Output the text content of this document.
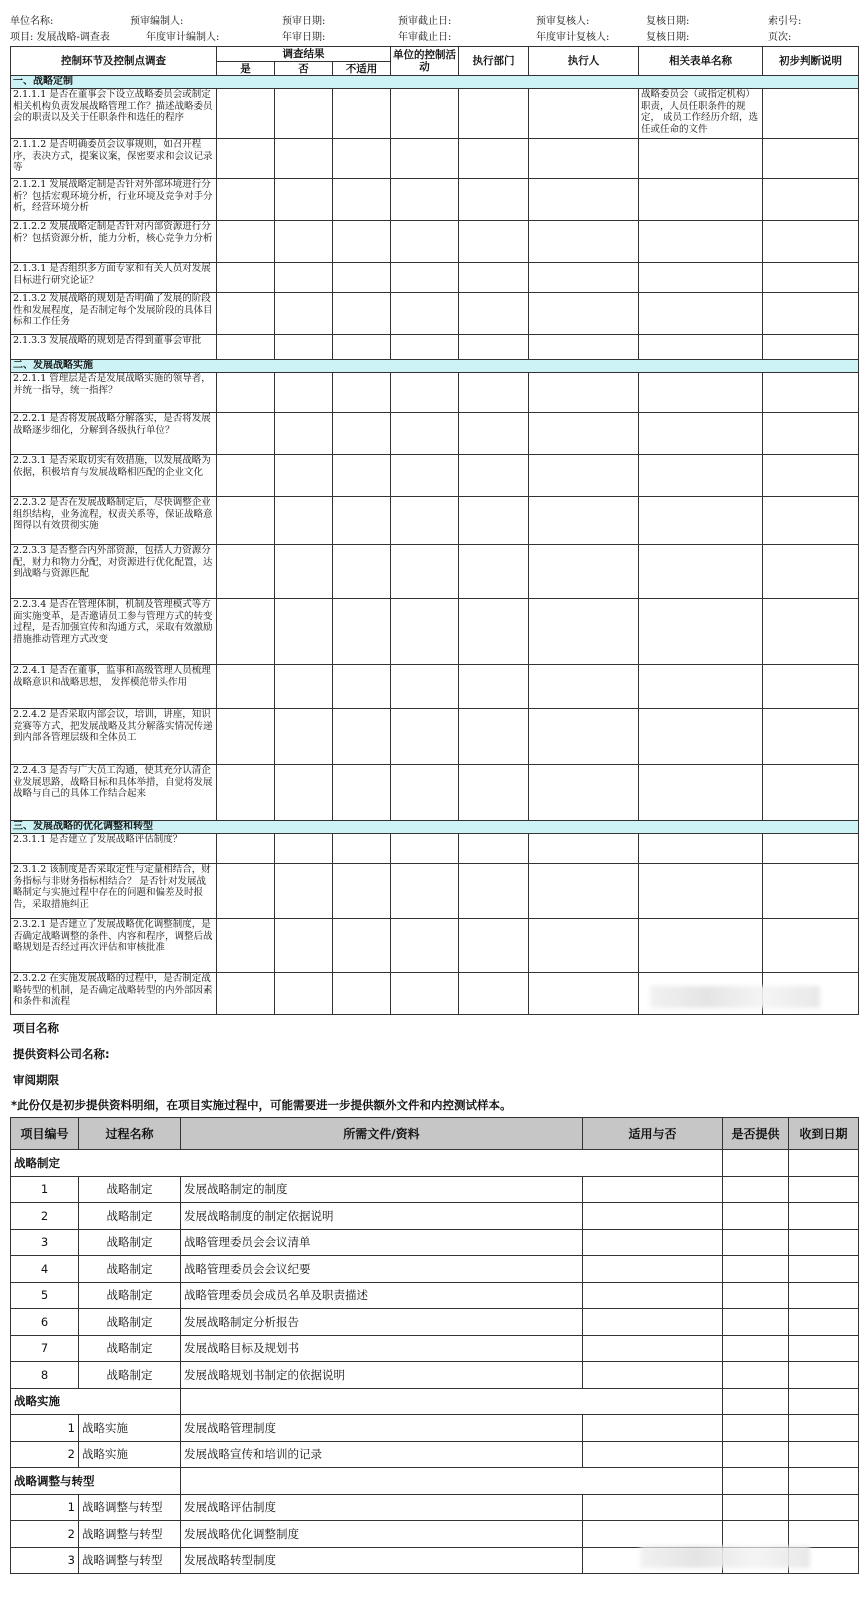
单位名称:	预审编制人:	预审日期:	预审截止日:	预审复核人:	复核日期:	索引号:
项目: 发展战略-调查表	年度审计编制人:	年审日期:	年审截止日:	年度审计复核人:	复核日期:	页次:
控制环节及控制点调查	调查结果			单位的控制活动	执行部门	执行人	相关表单名称	初步判断说明
	是	否	不适用					
一、战略定制								
2.1.1.1 是否在董事会下设立战略委员会或制定相关机构负责发展战略管理工作？描述战略委员会的职责以及关于任职条件和选任的程序							战略委员会（或指定机构）职责，人员任职条件的规定， 成员工作经历介绍，选任或任命的文件	
2.1.1.2 是否明确委员会议事规则，如召开程序，表决方式，提案议案，保密要求和会议记录等								
2.1.2.1 发展战略定制是否针对外部环境进行分析？包括宏观环境分析，行业环境及竞争对手分析，经营环境分析								
2.1.2.2 发展战略定制是否针对内部资源进行分析？包括资源分析，能力分析，核心竞争力分析								
2.1.3.1 是否组织多方面专家和有关人员对发展目标进行研究论证？								
2.1.3.2 发展战略的规划是否明确了发展的阶段性和发展程度，是否制定每个发展阶段的具体目标和工作任务								
2.1.3.3 发展战略的规划是否得到董事会审批								
二、发展战略实施								
2.2.1.1 管理层是否是发展战略实施的领导者，并统一指导，统一指挥？								
2.2.2.1 是否将发展战略分解落实，是否将发展战略逐步细化，分解到各级执行单位？								
2.2.3.1 是否采取切实有效措施，以发展战略为依据，积极培育与发展战略相匹配的企业文化								
2.2.3.2 是否在发展战略制定后，尽快调整企业组织结构，业务流程，权责关系等，保证战略意图得以有效贯彻实施								
2.2.3.3 是否整合内外部资源，包括人力资源分配，财力和物力分配，对资源进行优化配置，达到战略与资源匹配								
2.2.3.4 是否在管理体制，机制及管理模式等方面实施变革，是否邀请员工参与管理方式的转变过程，是否加强宣传和沟通方式，采取有效激励措施推动管理方式改变								
2.2.4.1 是否在董事，监事和高级管理人员梳理战略意识和战略思想， 发挥模范带头作用								
2.2.4.2 是否采取内部会议，培训，讲座，知识竞赛等方式，把发展战略及其分解落实情况传递到内部各管理层级和全体员工								
2.2.4.3 是否与广大员工沟通，使其充分认清企业发展思路，战略目标和具体举措，自觉将发展战略与自己的具体工作结合起来								
三、发展战略的优化调整和转型								
2.3.1.1 是否建立了发展战略评估制度？								
2.3.1.2 该制度是否采取定性与定量相结合，财务指标与非财务指标相结合？ 是否针对发展战略制定与实施过程中存在的问题和偏差及时报告，采取措施纠正								
2.3.2.1 是否建立了发展战略优化调整制度，是否确定战略调整的条件、内容和程序，调整后战略规划是否经过再次评估和审核批准								
2.3.2.2 在实施发展战略的过程中，是否制定战略转型的机制，是否确定战略转型的内外部因素和条件和流程								
项目名称
提供资料公司名称:
审阅期限
*此份仅是初步提供资料明细，在项目实施过程中，可能需要进一步提供额外文件和内控测试样本。
项目编号	过程名称	所需文件/资料	适用与否	是否提供	收到日期
战略制定					
1	战略制定	发展战略制定的制度			
2	战略制定	发展战略制度的制定依据说明			
3	战略制定	战略管理委员会会议清单			
4	战略制定	战略管理委员会会议纪要			
5	战略制定	战略管理委员会成员名单及职责描述			
6	战略制定	发展战略制定分析报告			
7	战略制定	发展战略目标及规划书			
8	战略制定	发展战略规划书制定的依据说明			
战略实施					
1	战略实施	发展战略管理制度			
2	战略实施	发展战略宣传和培训的记录			
战略调整与转型					
1	战略调整与转型	发展战略评估制度			
2	战略调整与转型	发展战略优化调整制度			
3	战略调整与转型	发展战略转型制度			
